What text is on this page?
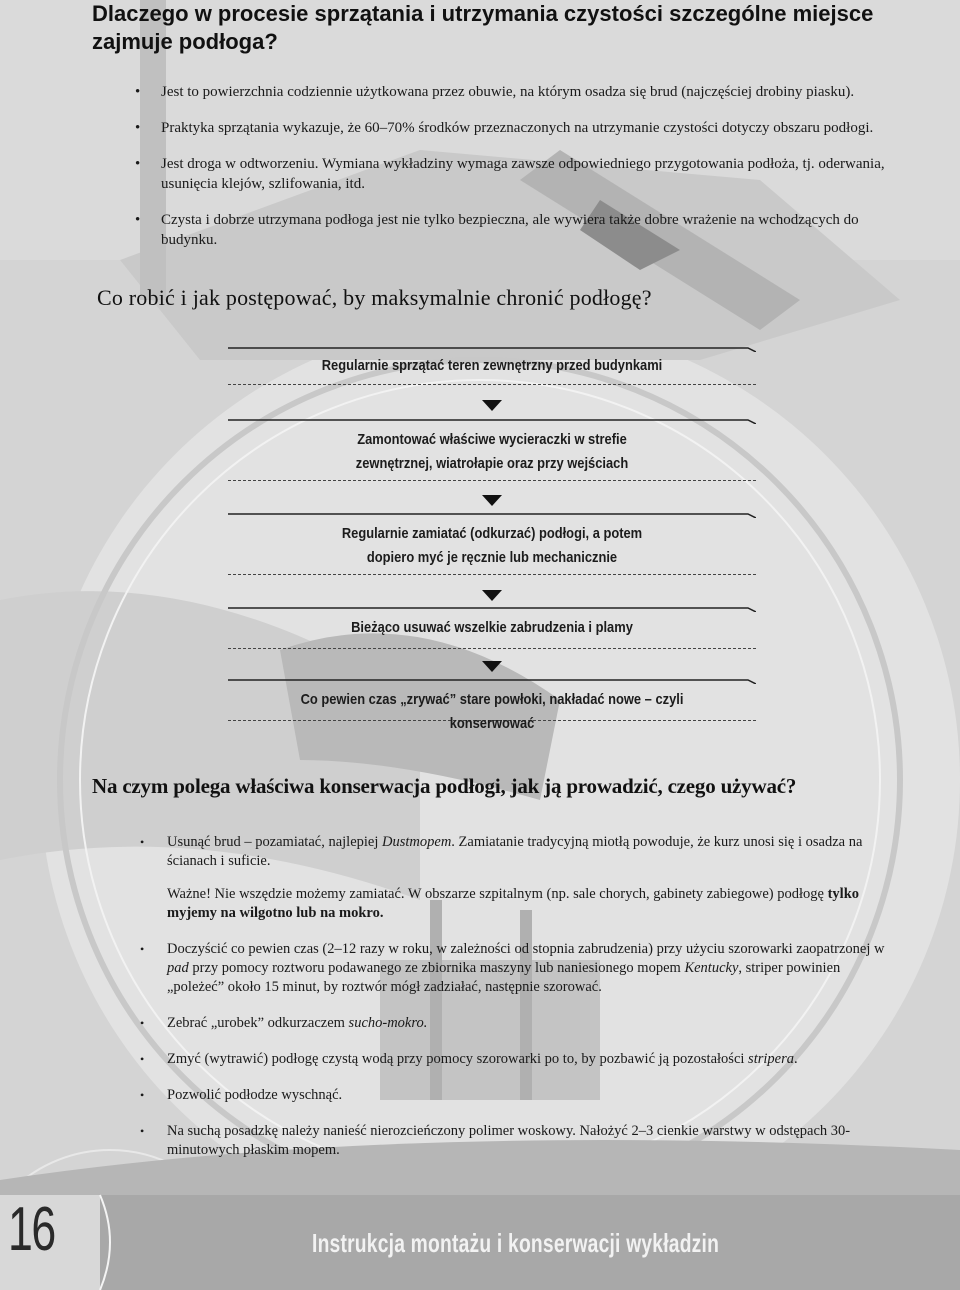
Dlaczego w procesie sprzątania i utrzymania czystości szczególne miejsce zajmuje podłoga?
• Jest to powierzchnia codziennie użytkowana przez obuwie, na którym osadza się brud (najczęściej drobiny piasku).
• Praktyka sprzątania wykazuje, że 60–70% środków przeznaczonych na utrzymanie czystości dotyczy obszaru podłogi.
• Jest droga w odtworzeniu. Wymiana wykładziny wymaga zawsze odpowiedniego przygotowania podłoża, tj. oderwania, usunięcia klejów, szlifowania, itd.
• Czysta i dobrze utrzymana podłoga jest nie tylko bezpieczna, ale wywiera także dobre wrażenie na wchodzących do budynku.
Co robić i jak postępować, by maksymalnie chronić podłogę?
Regularnie sprzątać teren zewnętrzny przed budynkami
Zamontować właściwe wycieraczki w strefie zewnętrznej, wiatrołapie oraz przy wejściach
Regularnie zamiatać (odkurzać) podłogi, a potem dopiero myć je ręcznie lub mechanicznie
Bieżąco usuwać wszelkie zabrudzenia i plamy
Co pewien czas „zrywać” stare powłoki, nakładać nowe – czyli konserwować
Na czym polega właściwa konserwacja podłogi, jak ją prowadzić, czego używać?
• Usunąć brud – pozamiatać, najlepiej Dustmopem. Zamiatanie tradycyjną miotłą powoduje, że kurz unosi się i osadza na ścianach i suficie.
Ważne! Nie wszędzie możemy zamiatać. W obszarze szpitalnym (np. sale chorych, gabinety zabiegowe) podłogę tylko myjemy na wilgotno lub na mokro.
• Doczyścić co pewien czas (2–12 razy w roku, w zależności od stopnia zabrudzenia) przy użyciu szorowarki zaopatrzonej w pad przy pomocy roztworu podawanego ze zbiornika maszyny lub naniesionego mopem Kentucky, striper powinien „poleżeć” około 15 minut, by roztwór mógł zadziałać, następnie szorować.
• Zebrać „urobek” odkurzaczem sucho-mokro.
• Zmyć (wytrawić) podłogę czystą wodą przy pomocy szorowarki po to, by pozbawić ją pozostałości stripera.
• Pozwolić podłodze wyschnąć.
• Na suchą posadzkę należy nanieść nierozcieńczony polimer woskowy. Nałożyć 2–3 cienkie warstwy w odstępach 30-minutowych płaskim mopem.
16	Instrukcja montażu i konserwacji wykładzin
